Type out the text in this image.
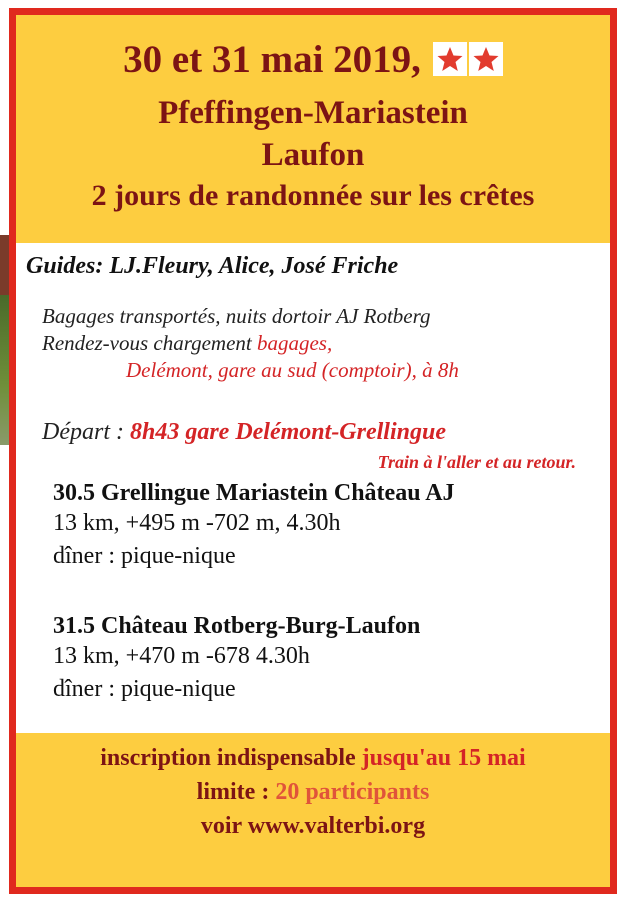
30 et 31 mai 2019,
Pfeffingen-Mariastein
Laufon
2 jours de randonnée sur les crêtes
Guides: LJ.Fleury, Alice, José Friche
Bagages transportés, nuits dortoir AJ Rotberg
Rendez-vous chargement bagages,
Delémont, gare au sud (comptoir), à 8h
Départ : 8h43 gare Delémont-Grellingue
Train à l'aller et au retour.
30.5 Grellingue Mariastein Château AJ
13 km, +495 m -702 m, 4.30h
dîner : pique-nique
31.5 Château Rotberg-Burg-Laufon
13 km, +470 m -678 4.30h
dîner : pique-nique
inscription indispensable jusqu'au 15 mai
limite : 20 participants
voir www.valterbi.org
